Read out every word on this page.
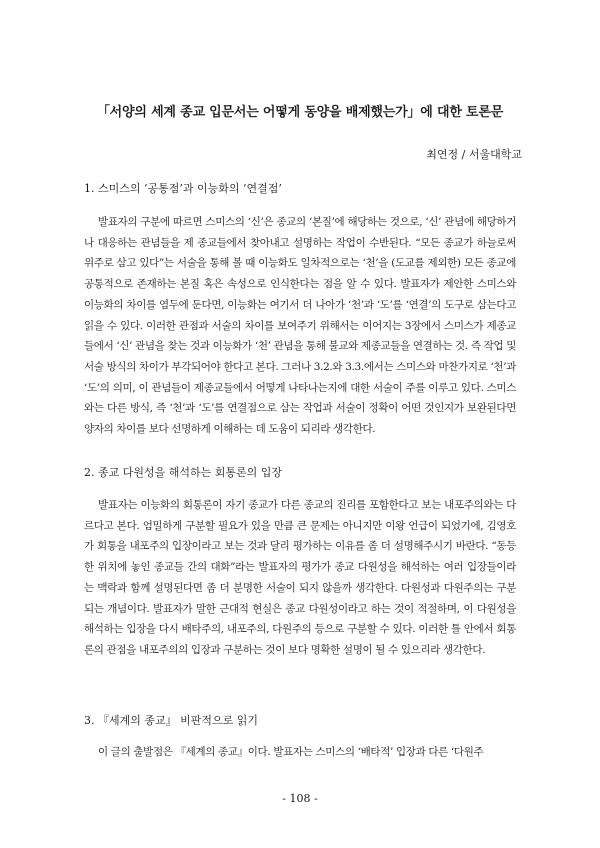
「서양의 세계 종교 입문서는 어떻게 동양을 배제했는가」에 대한 토론문
최연정 / 서울대학교
1. 스미스의 ‘공통점’과 이능화의 ‘연결점’

발표자의 구분에 따르면 스미스의 ‘신’은 종교의 ‘본질’에 해당하는 것으로, ‘신’ 관념에 해당하거나 대응하는 관념들을 제 종교들에서 찾아내고 설명하는 작업이 수반된다. “모든 종교가 하늘로써 위주로 삼고 있다”는 서술을 통해 볼 때 이능화도 일차적으로는 ‘천’을 (도교를 제외한) 모든 종교에 공통적으로 존재하는 본질 혹은 속성으로 인식한다는 점을 알 수 있다. 발표자가 제안한 스미스와 이능화의 차이를 염두에 둔다면, 이능화는 여기서 더 나아가 ‘천’과 ‘도’를 ‘연결’의 도구로 삼는다고 읽을 수 있다. 이러한 관점과 서술의 차이를 보여주기 위해서는 이어지는 3장에서 스미스가 제종교들에서 ‘신’ 관념을 찾는 것과 이능화가 ‘천’ 관념을 통해 불교와 제종교들을 연결하는 것. 즉 작업 및 서술 방식의 차이가 부각되어야 한다고 본다. 그러나 3.2.와 3.3.에서는 스미스와 마찬가지로 ‘천’과 ‘도’의 의미, 이 관념들이 제종교들에서 어떻게 나타나는지에 대한 서술이 주를 이루고 있다. 스미스와는 다른 방식, 즉 ‘천’과 ‘도’를 연결점으로 삼는 작업과 서술이 정확이 어떤 것인지가 보완된다면 양자의 차이를 보다 선명하게 이해하는 데 도움이 되리라 생각한다.

2. 종교 다원성을 해석하는 회통론의 입장

발표자는 이능화의 회통론이 자기 종교가 다른 종교의 진리를 포함한다고 보는 내포주의와는 다르다고 본다. 엄밀하게 구분할 필요가 있을 만큼 큰 문제는 아니지만 이왕 언급이 되었기에, 김영호가 회통을 내포주의 입장이라고 보는 것과 달리 평가하는 이유를 좀 더 설명해주시기 바란다. “동등한 위치에 놓인 종교들 간의 대화”라는 발표자의 평가가 종교 다원성을 해석하는 여러 입장들이라는 맥락과 함께 설명된다면 좀 더 분명한 서술이 되지 않을까 생각한다. 다원성과 다원주의는 구분되는 개념이다. 발표자가 말한 근대적 현실은 종교 다원성이라고 하는 것이 적절하며, 이 다원성을 해석하는 입장을 다시 배타주의, 내포주의, 다원주의 등으로 구분할 수 있다. 이러한 틀 안에서 회통론의 관점을 내포주의의 입장과 구분하는 것이 보다 명확한 설명이 될 수 있으리라 생각한다.

3. 『세계의 종교』 비판적으로 읽기

이 글의 출발점은 『세계의 종교』이다. 발표자는 스미스의 ‘배타적’ 입장과 다른 ‘다원주

- 108 -
